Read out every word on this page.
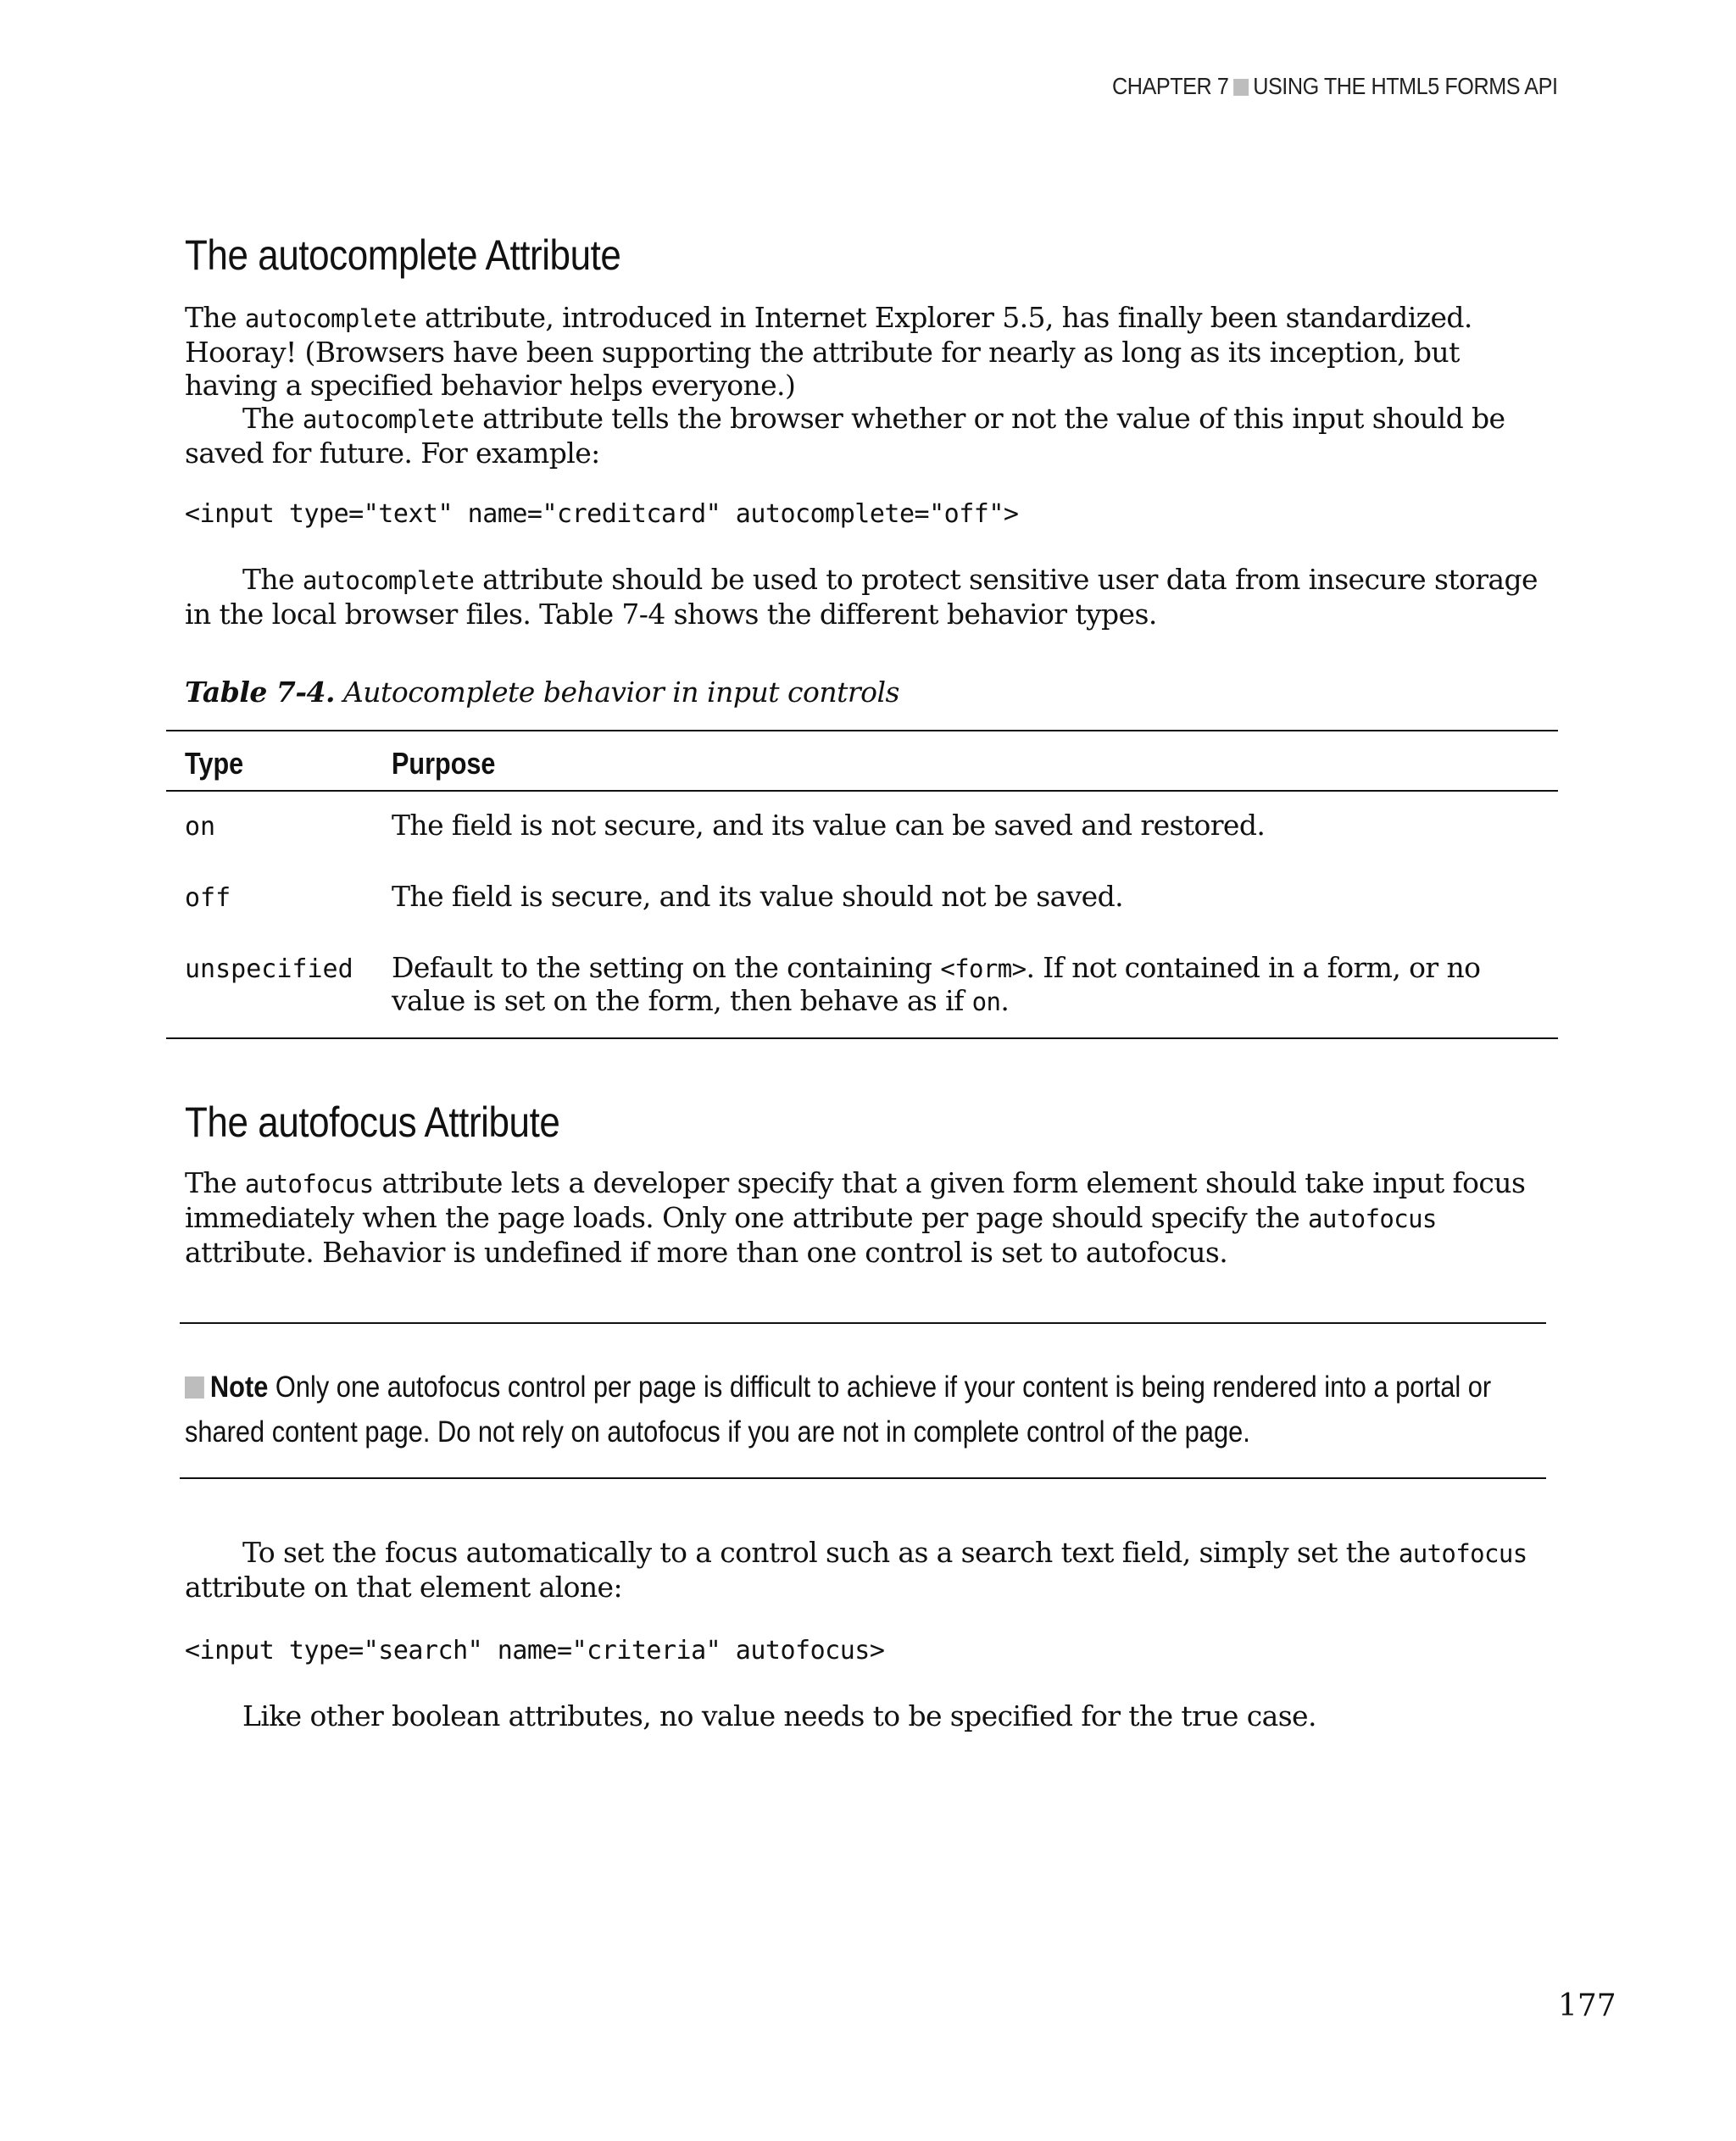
CHAPTER 7 USING THE HTML5 FORMS API
The autocomplete Attribute

The autocomplete attribute, introduced in Internet Explorer 5.5, has finally been standardized. Hooray! (Browsers have been supporting the attribute for nearly as long as its inception, but having a specified behavior helps everyone.)

The autocomplete attribute tells the browser whether or not the value of this input should be saved for future. For example:

<input type="text" name="creditcard" autocomplete="off">

The autocomplete attribute should be used to protect sensitive user data from insecure storage in the local browser files. Table 7-4 shows the different behavior types.

Table 7-4. Autocomplete behavior in input controls
Type	Purpose
on	The field is not secure, and its value can be saved and restored.
off	The field is secure, and its value should not be saved.
unspecified Default to the setting on the containing <form>. If not contained in a form, or no value is set on the form, then behave as if on.
The autofocus Attribute

The autofocus attribute lets a developer specify that a given form element should take input focus immediately when the page loads. Only one attribute per page should specify the autofocus attribute. Behavior is undefined if more than one control is set to autofocus.

Note Only one autofocus control per page is difficult to achieve if your content is being rendered into a portal or shared content page. Do not rely on autofocus if you are not in complete control of the page.

To set the focus automatically to a control such as a search text field, simply set the autofocus attribute on that element alone:

<input type="search" name="criteria" autofocus>

Like other boolean attributes, no value needs to be specified for the true case.

177
